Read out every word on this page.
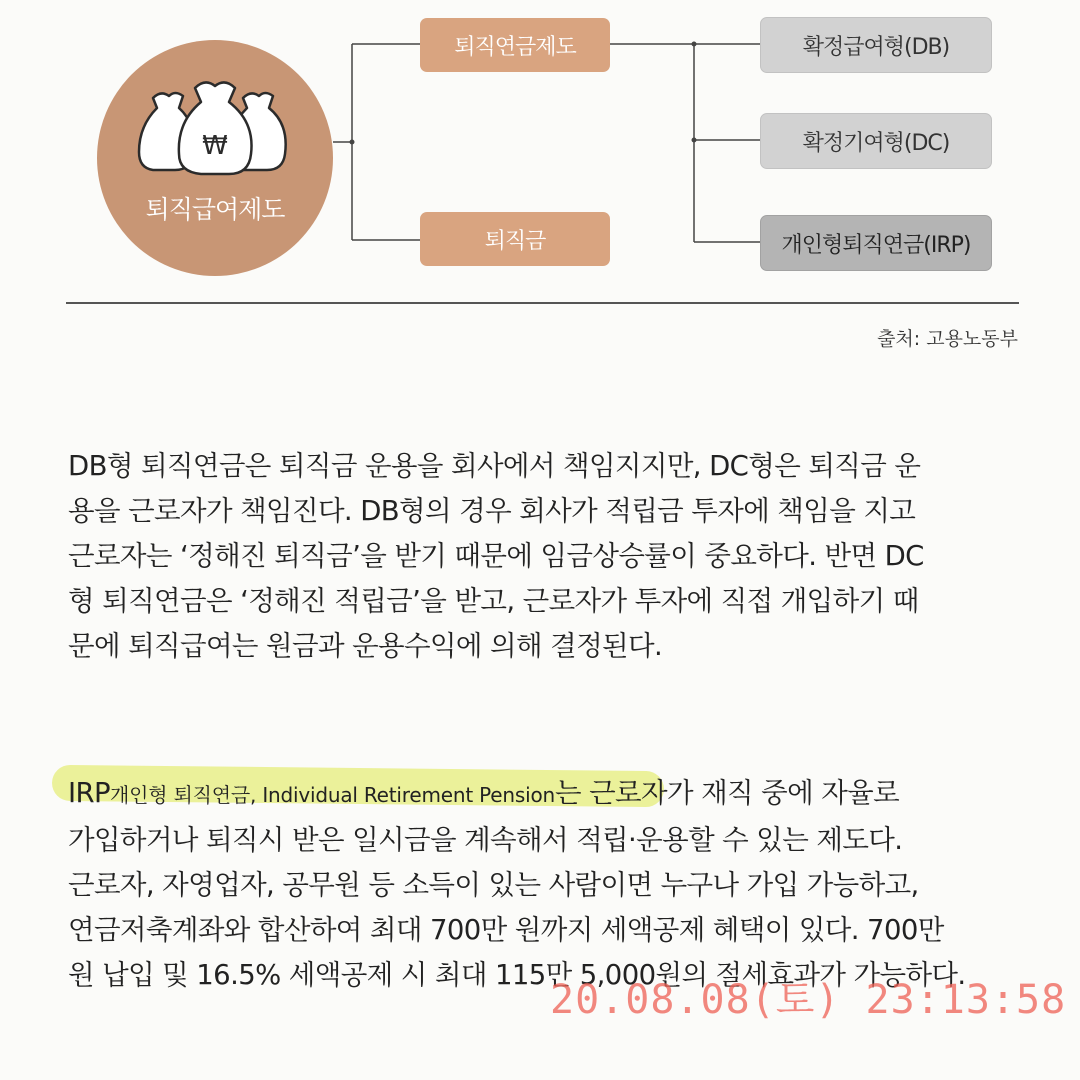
₩
퇴직급여제도
퇴직연금제도
퇴직금
확정급여형(DB)
확정기여형(DC)
개인형퇴직연금(IRP)
출처: 고용노동부
DB형 퇴직연금은 퇴직금 운용을 회사에서 책임지지만, DC형은 퇴직금 운
용을 근로자가 책임진다. DB형의 경우 회사가 적립금 투자에 책임을 지고
근로자는 ‘정해진 퇴직금’을 받기 때문에 임금상승률이 중요하다. 반면 DC
형 퇴직연금은 ‘정해진 적립금’을 받고, 근로자가 투자에 직접 개입하기 때
문에 퇴직급여는 원금과 운용수익에 의해 결정된다.
IRP개인형 퇴직연금, Individual Retirement Pension는 근로자가 재직 중에 자율로
가입하거나 퇴직시 받은 일시금을 계속해서 적립·운용할 수 있는 제도다.
근로자, 자영업자, 공무원 등 소득이 있는 사람이면 누구나 가입 가능하고,
연금저축계좌와 합산하여 최대 700만 원까지 세액공제 혜택이 있다. 700만
원 납입 및 16.5% 세액공제 시 최대 115만 5,000원의 절세효과가 가능하다.
20.08.08(토) 23:13:58
